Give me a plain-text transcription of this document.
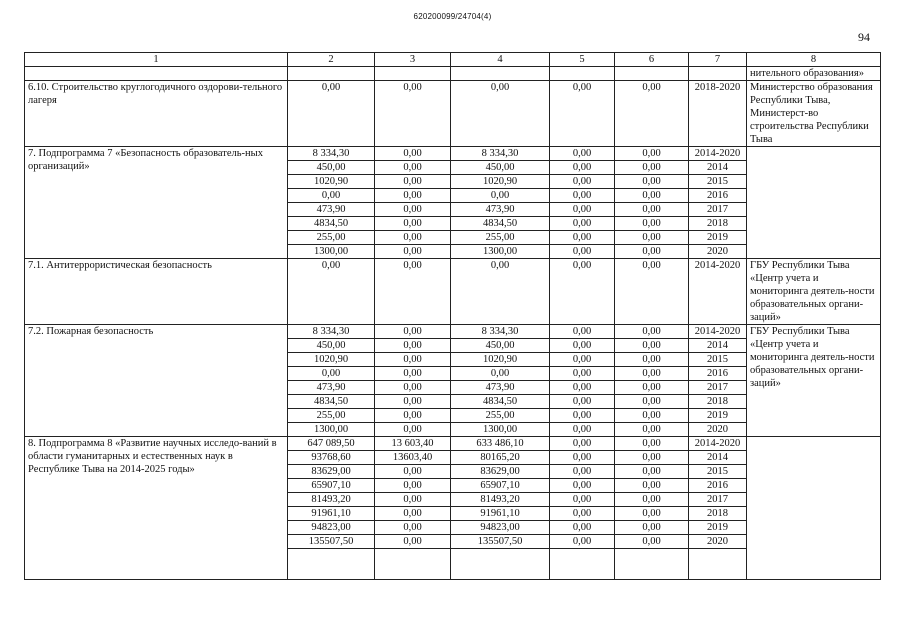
620200099/24704(4)
94
1	2	3	4	5	6	7	8
							нительного образования»
6.10. Строительство круглогодичного оздорови-тельного лагеря	0,00	0,00	0,00	0,00	0,00	2018-2020	Министерство образования Республики Тыва, Министерст-во строительства Республики Тыва
7. Подпрограмма 7 «Безопасность образователь-ных организаций»	8 334,30	0,00	8 334,30	0,00	0,00	2014-2020	
	450,00	0,00	450,00	0,00	0,00	2014	
	1020,90	0,00	1020,90	0,00	0,00	2015	
	0,00	0,00	0,00	0,00	0,00	2016	
	473,90	0,00	473,90	0,00	0,00	2017	
	4834,50	0,00	4834,50	0,00	0,00	2018	
	255,00	0,00	255,00	0,00	0,00	2019	
	1300,00	0,00	1300,00	0,00	0,00	2020	
7.1. Антитеррористическая безопасность	0,00	0,00	0,00	0,00	0,00	2014-2020	ГБУ Республики Тыва «Центр учета и мониторинга деятель-ности образовательных органи-заций»
7.2. Пожарная безопасность	8 334,30	0,00	8 334,30	0,00	0,00	2014-2020	ГБУ Республики Тыва «Центр учета и мониторинга деятель-ности образовательных органи-заций»
	450,00	0,00	450,00	0,00	0,00	2014	
	1020,90	0,00	1020,90	0,00	0,00	2015	
	0,00	0,00	0,00	0,00	0,00	2016	
	473,90	0,00	473,90	0,00	0,00	2017	
	4834,50	0,00	4834,50	0,00	0,00	2018	
	255,00	0,00	255,00	0,00	0,00	2019	
	1300,00	0,00	1300,00	0,00	0,00	2020	
8. Подпрограмма 8 «Развитие научных исследо-ваний в области гуманитарных и естественных наук в Республике Тыва на 2014-2025 годы»	647 089,50	13 603,40	633 486,10	0,00	0,00	2014-2020	
	93768,60	13603,40	80165,20	0,00	0,00	2014	
	83629,00	0,00	83629,00	0,00	0,00	2015	
	65907,10	0,00	65907,10	0,00	0,00	2016	
	81493,20	0,00	81493,20	0,00	0,00	2017	
	91961,10	0,00	91961,10	0,00	0,00	2018	
	94823,00	0,00	94823,00	0,00	0,00	2019	
	135507,50	0,00	135507,50	0,00	0,00	2020	
